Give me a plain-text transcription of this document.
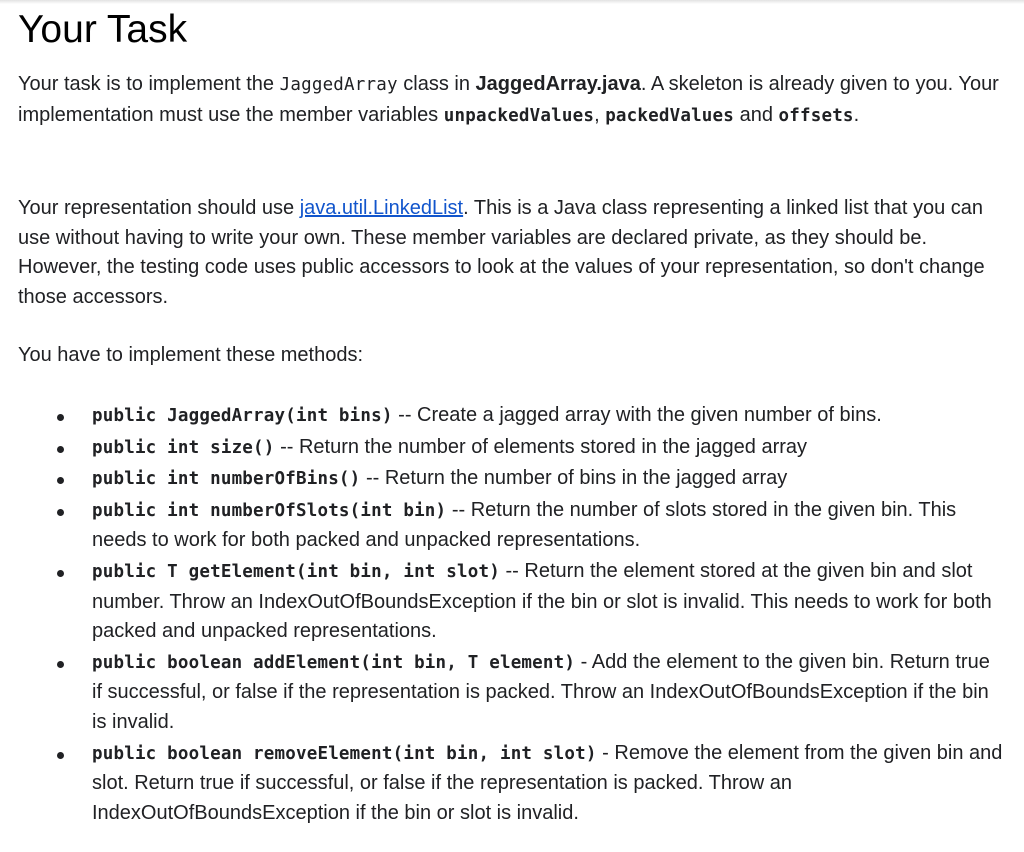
Your Task

Your task is to implement the JaggedArray class in JaggedArray.java. A skeleton is already given to you. Your implementation must use the member variables unpackedValues, packedValues and offsets.

Your representation should use java.util.LinkedList. This is a Java class representing a linked list that you can use without having to write your own. These member variables are declared private, as they should be. However, the testing code uses public accessors to look at the values of your representation, so don't change those accessors.

You have to implement these methods:

public JaggedArray(int bins) -- Create a jagged array with the given number of bins.
public int size() -- Return the number of elements stored in the jagged array
public int numberOfBins() -- Return the number of bins in the jagged array
public int numberOfSlots(int bin) -- Return the number of slots stored in the given bin. This needs to work for both packed and unpacked representations.
public T getElement(int bin, int slot) -- Return the element stored at the given bin and slot number. Throw an IndexOutOfBoundsException if the bin or slot is invalid. This needs to work for both packed and unpacked representations.
public boolean addElement(int bin, T element) - Add the element to the given bin. Return true if successful, or false if the representation is packed. Throw an IndexOutOfBoundsException if the bin is invalid.
public boolean removeElement(int bin, int slot) - Remove the element from the given bin and slot. Return true if successful, or false if the representation is packed. Throw an IndexOutOfBoundsException if the bin or slot is invalid.
